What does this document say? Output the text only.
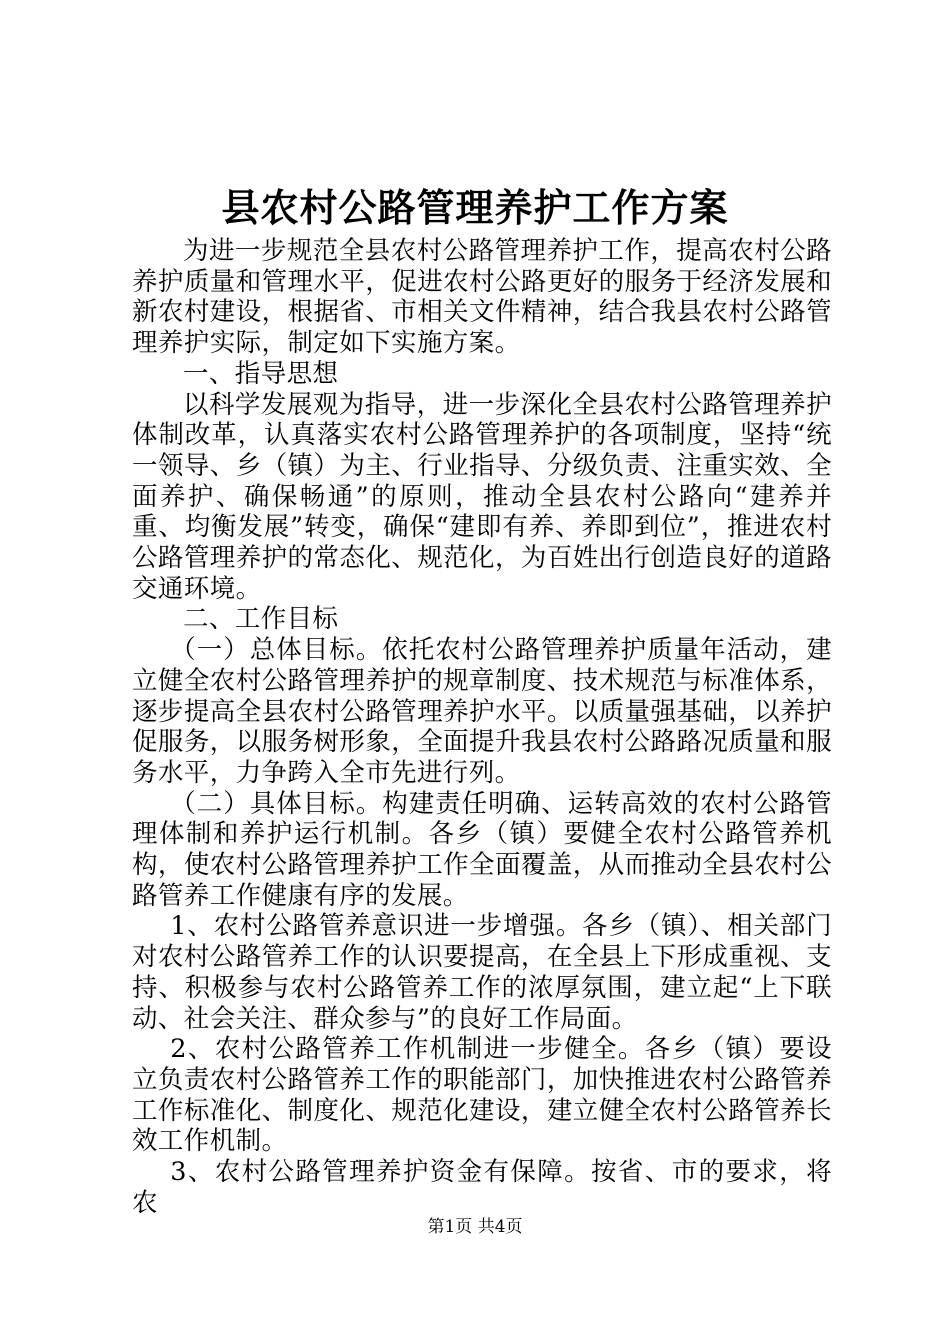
县农村公路管理养护工作方案

为进一步规范全县农村公路管理养护工作，提高农村公路养护质量和管理水平，促进农村公路更好的服务于经济发展和新农村建设，根据省、市相关文件精神，结合我县农村公路管理养护实际，制定如下实施方案。

一、指导思想

以科学发展观为指导，进一步深化全县农村公路管理养护体制改革，认真落实农村公路管理养护的各项制度，坚持“统一领导、乡（镇）为主、行业指导、分级负责、注重实效、全面养护、确保畅通”的原则，推动全县农村公路向“建养并重、均衡发展”转变，确保“建即有养、养即到位”，推进农村公路管理养护的常态化、规范化，为百姓出行创造良好的道路交通环境。

二、工作目标

（一）总体目标。依托农村公路管理养护质量年活动，建立健全农村公路管理养护的规章制度、技术规范与标准体系，逐步提高全县农村公路管理养护水平。以质量强基础，以养护促服务，以服务树形象，全面提升我县农村公路路况质量和服务水平，力争跨入全市先进行列。

（二）具体目标。构建责任明确、运转高效的农村公路管理体制和养护运行机制。各乡（镇）要健全农村公路管养机构，使农村公路管理养护工作全面覆盖，从而推动全县农村公路管养工作健康有序的发展。

1、农村公路管养意识进一步增强。各乡（镇）、相关部门对农村公路管养工作的认识要提高，在全县上下形成重视、支持、积极参与农村公路管养工作的浓厚氛围，建立起“上下联动、社会关注、群众参与”的良好工作局面。

2、农村公路管养工作机制进一步健全。各乡（镇）要设立负责农村公路管养工作的职能部门，加快推进农村公路管养工作标准化、制度化、规范化建设，建立健全农村公路管养长效工作机制。

3、农村公路管理养护资金有保障。按省、市的要求，将农

第1页 共4页
